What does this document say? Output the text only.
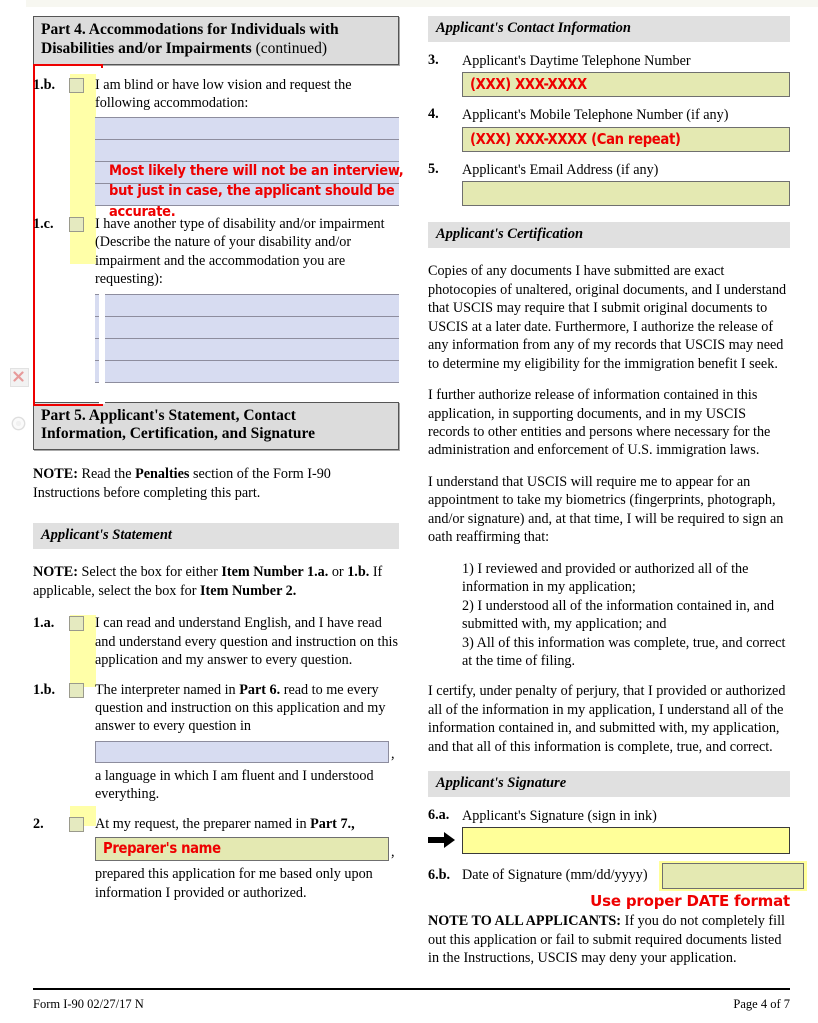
Part 4. Accommodations for Individuals with
Disabilities and/or Impairments (continued)
1.b.	I am blind or have low vision and request the following accommodation:
Most likely there will not be an interview,
but just in case, the applicant should be
accurate.
1.c.	I have another type of disability and/or impairment (Describe the nature of your disability and/or impairment and the accommodation you are requesting):
Part 5. Applicant's Statement, Contact
Information, Certification, and Signature

NOTE: Read the Penalties section of the Form I-90 Instructions before completing this part.

Applicant's Statement

NOTE: Select the box for either Item Number 1.a. or 1.b. If applicable, select the box for Item Number 2.

1.a.	I can read and understand English, and I have read and understand every question and instruction on this application and my answer to every question.
1.b.	The interpreter named in Part 6. read to me every question and instruction on this application and my answer to every question in
,

a language in which I am fluent and I understood everything.

2.	At my request, the preparer named in Part 7.,
Preparer's name	,

prepared this application for me based only upon information I provided or authorized.

Applicant's Contact Information
3.	Applicant's Daytime Telephone Number
(XXX) XXX-XXXX
4.	Applicant's Mobile Telephone Number (if any)
(XXX) XXX-XXXX (Can repeat)
5.	Applicant's Email Address (if any)
Applicant's Certification

Copies of any documents I have submitted are exact photocopies of unaltered, original documents, and I understand that USCIS may require that I submit original documents to USCIS at a later date. Furthermore, I authorize the release of any information from any of my records that USCIS may need to determine my eligibility for the immigration benefit I seek.

I further authorize release of information contained in this application, in supporting documents, and in my USCIS records to other entities and persons where necessary for the administration and enforcement of U.S. immigration laws.

I understand that USCIS will require me to appear for an appointment to take my biometrics (fingerprints, photograph, and/or signature) and, at that time, I will be required to sign an oath reaffirming that:

1) I reviewed and provided or authorized all of the information in my application;

2) I understood all of the information contained in, and submitted with, my application; and

3) All of this information was complete, true, and correct at the time of filing.

I certify, under penalty of perjury, that I provided or authorized all of the information in my application, I understand all of the information contained in, and submitted with, my application, and that all of this information is complete, true, and correct.

Applicant's Signature
6.a. Applicant's Signature (sign in ink)
6.b. Date of Signature (mm/dd/yyyy)
Use proper DATE format

NOTE TO ALL APPLICANTS: If you do not completely fill out this application or fail to submit required documents listed in the Instructions, USCIS may deny your application.

Form I-90 02/27/17 N	Page 4 of 7
